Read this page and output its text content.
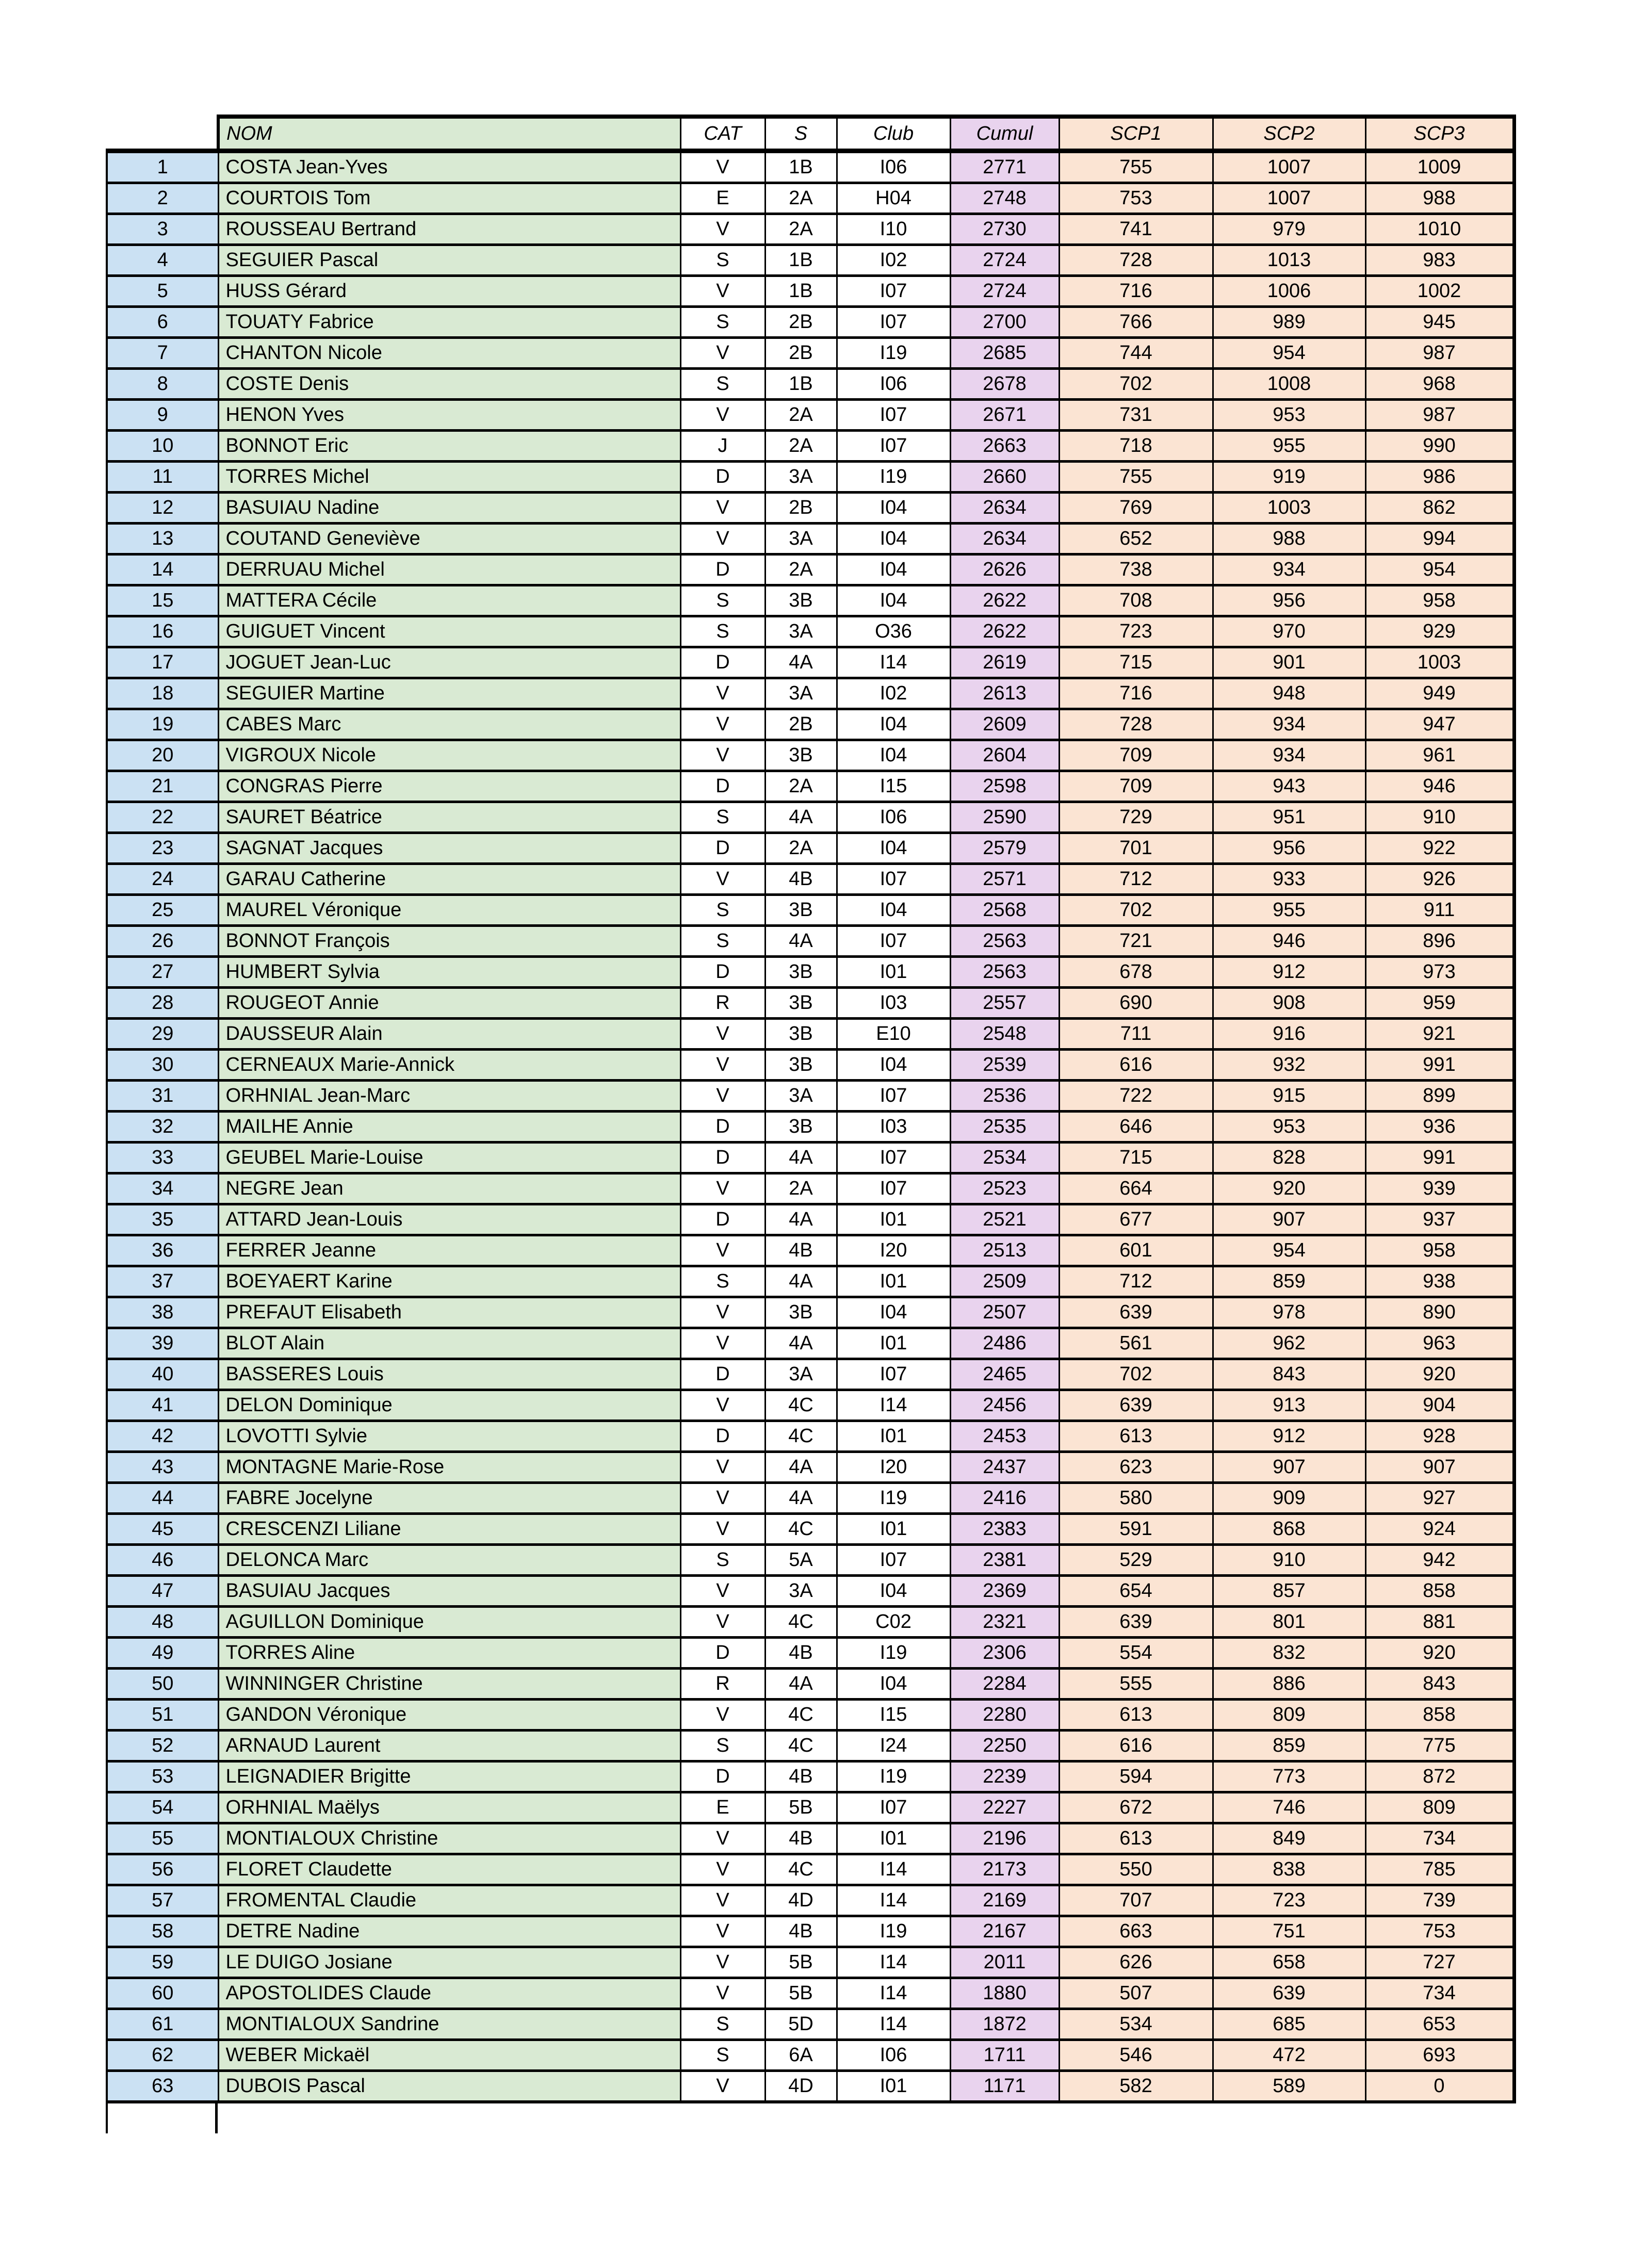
	NOM	CAT	S	Club	Cumul	SCP1	SCP2	SCP3
1	COSTA Jean-Yves	V	1B	I06	2771	755	1007	1009
2	COURTOIS Tom	E	2A	H04	2748	753	1007	988
3	ROUSSEAU Bertrand	V	2A	I10	2730	741	979	1010
4	SEGUIER Pascal	S	1B	I02	2724	728	1013	983
5	HUSS Gérard	V	1B	I07	2724	716	1006	1002
6	TOUATY Fabrice	S	2B	I07	2700	766	989	945
7	CHANTON Nicole	V	2B	I19	2685	744	954	987
8	COSTE Denis	S	1B	I06	2678	702	1008	968
9	HENON Yves	V	2A	I07	2671	731	953	987
10	BONNOT Eric	J	2A	I07	2663	718	955	990
11	TORRES Michel	D	3A	I19	2660	755	919	986
12	BASUIAU Nadine	V	2B	I04	2634	769	1003	862
13	COUTAND Geneviève	V	3A	I04	2634	652	988	994
14	DERRUAU Michel	D	2A	I04	2626	738	934	954
15	MATTERA Cécile	S	3B	I04	2622	708	956	958
16	GUIGUET Vincent	S	3A	O36	2622	723	970	929
17	JOGUET Jean-Luc	D	4A	I14	2619	715	901	1003
18	SEGUIER Martine	V	3A	I02	2613	716	948	949
19	CABES Marc	V	2B	I04	2609	728	934	947
20	VIGROUX Nicole	V	3B	I04	2604	709	934	961
21	CONGRAS Pierre	D	2A	I15	2598	709	943	946
22	SAURET Béatrice	S	4A	I06	2590	729	951	910
23	SAGNAT Jacques	D	2A	I04	2579	701	956	922
24	GARAU Catherine	V	4B	I07	2571	712	933	926
25	MAUREL Véronique	S	3B	I04	2568	702	955	911
26	BONNOT François	S	4A	I07	2563	721	946	896
27	HUMBERT Sylvia	D	3B	I01	2563	678	912	973
28	ROUGEOT Annie	R	3B	I03	2557	690	908	959
29	DAUSSEUR Alain	V	3B	E10	2548	711	916	921
30	CERNEAUX Marie-Annick	V	3B	I04	2539	616	932	991
31	ORHNIAL Jean-Marc	V	3A	I07	2536	722	915	899
32	MAILHE Annie	D	3B	I03	2535	646	953	936
33	GEUBEL Marie-Louise	D	4A	I07	2534	715	828	991
34	NEGRE Jean	V	2A	I07	2523	664	920	939
35	ATTARD Jean-Louis	D	4A	I01	2521	677	907	937
36	FERRER Jeanne	V	4B	I20	2513	601	954	958
37	BOEYAERT Karine	S	4A	I01	2509	712	859	938
38	PREFAUT Elisabeth	V	3B	I04	2507	639	978	890
39	BLOT Alain	V	4A	I01	2486	561	962	963
40	BASSERES Louis	D	3A	I07	2465	702	843	920
41	DELON Dominique	V	4C	I14	2456	639	913	904
42	LOVOTTI Sylvie	D	4C	I01	2453	613	912	928
43	MONTAGNE Marie-Rose	V	4A	I20	2437	623	907	907
44	FABRE Jocelyne	V	4A	I19	2416	580	909	927
45	CRESCENZI Liliane	V	4C	I01	2383	591	868	924
46	DELONCA Marc	S	5A	I07	2381	529	910	942
47	BASUIAU Jacques	V	3A	I04	2369	654	857	858
48	AGUILLON Dominique	V	4C	C02	2321	639	801	881
49	TORRES Aline	D	4B	I19	2306	554	832	920
50	WINNINGER Christine	R	4A	I04	2284	555	886	843
51	GANDON Véronique	V	4C	I15	2280	613	809	858
52	ARNAUD Laurent	S	4C	I24	2250	616	859	775
53	LEIGNADIER Brigitte	D	4B	I19	2239	594	773	872
54	ORHNIAL Maëlys	E	5B	I07	2227	672	746	809
55	MONTIALOUX Christine	V	4B	I01	2196	613	849	734
56	FLORET Claudette	V	4C	I14	2173	550	838	785
57	FROMENTAL Claudie	V	4D	I14	2169	707	723	739
58	DETRE Nadine	V	4B	I19	2167	663	751	753
59	LE DUIGO Josiane	V	5B	I14	2011	626	658	727
60	APOSTOLIDES Claude	V	5B	I14	1880	507	639	734
61	MONTIALOUX Sandrine	S	5D	I14	1872	534	685	653
62	WEBER Mickaël	S	6A	I06	1711	546	472	693
63	DUBOIS Pascal	V	4D	I01	1171	582	589	0
